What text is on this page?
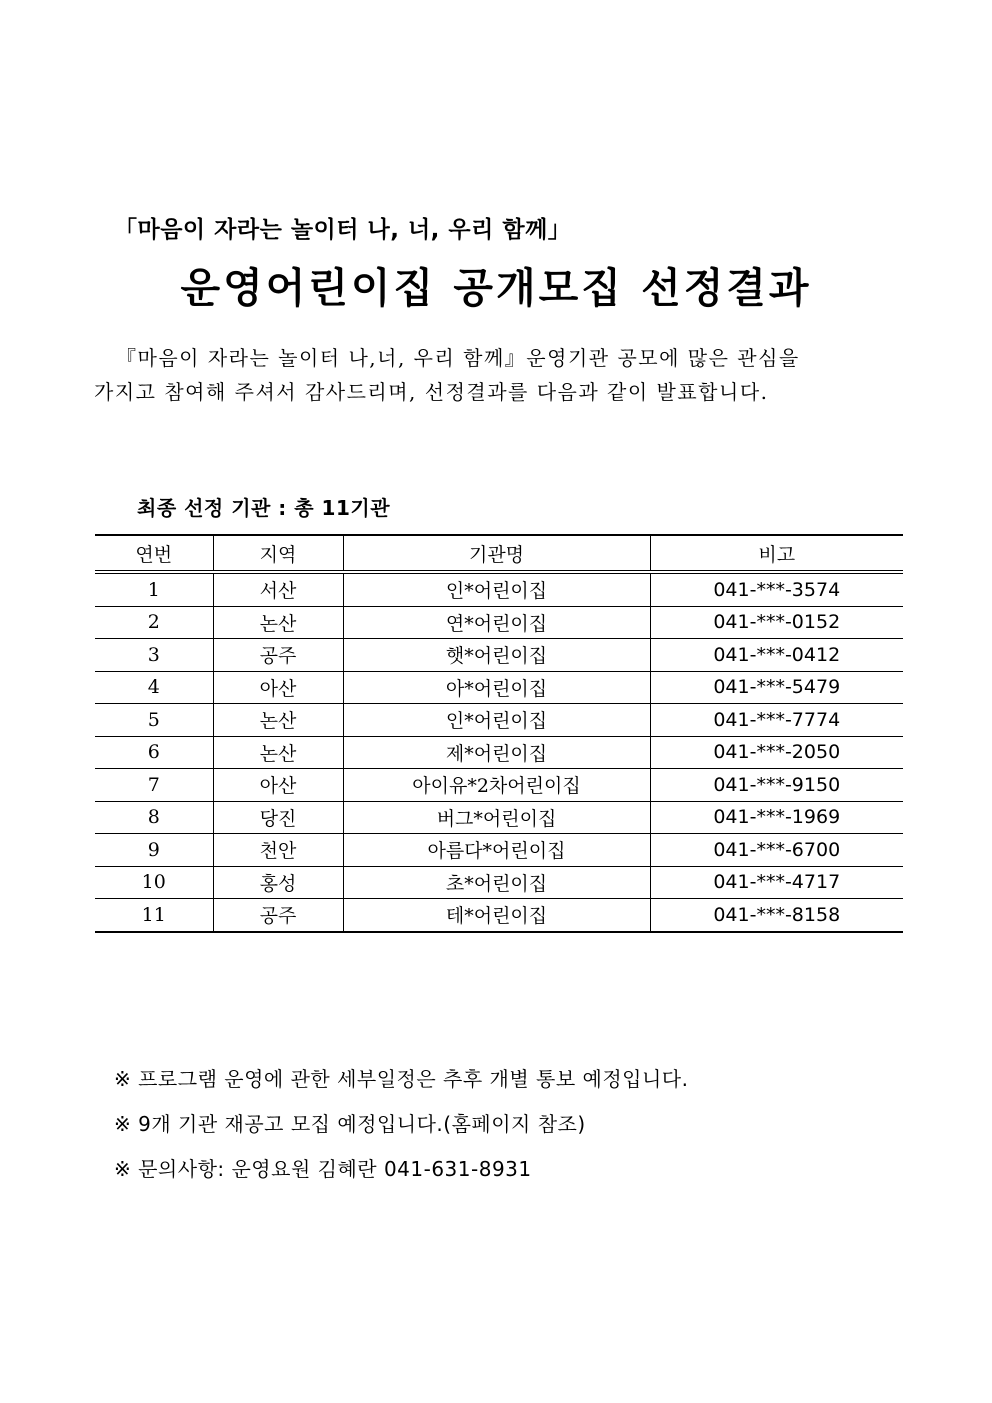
「마음이 자라는 놀이터 나, 너, 우리 함께」
운영어린이집 공개모집 선정결과

『마음이 자라는 놀이터 나,너, 우리 함께』운영기관 공모에 많은 관심을

가지고 참여해 주셔서 감사드리며, 선정결과를 다음과 같이 발표합니다.

최종 선정 기관 : 총 11기관
연번	지역	기관명	비고
1	서산	인*어린이집	041-***-3574
2	논산	연*어린이집	041-***-0152
3	공주	햇*어린이집	041-***-0412
4	아산	아*어린이집	041-***-5479
5	논산	인*어린이집	041-***-7774
6	논산	제*어린이집	041-***-2050
7	아산	아이유*2차어린이집	041-***-9150
8	당진	버그*어린이집	041-***-1969
9	천안	아름다*어린이집	041-***-6700
10	홍성	초*어린이집	041-***-4717
11	공주	테*어린이집	041-***-8158

※ 프로그램 운영에 관한 세부일정은 추후 개별 통보 예정입니다.

※ 9개 기관 재공고 모집 예정입니다.(홈페이지 참조)

※ 문의사항: 운영요원 김혜란 041-631-8931
